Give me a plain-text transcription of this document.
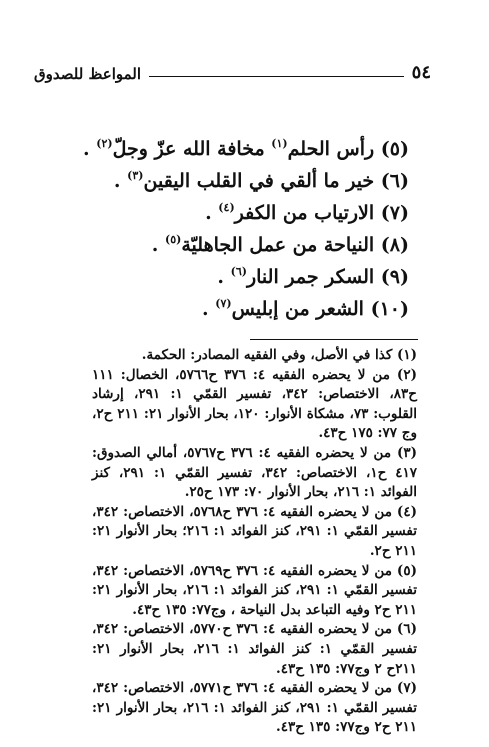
٥٤
المواعظ للصدوق
(٥) رأس الحلم$^{(١)}$ مخافة الله عزّ وجلّ$^{(٢)}$ .
(٦) خير ما ألقي في القلب اليقين$^{(٣)}$ .
(٧) الارتياب من الكفر$^{(٤)}$ .
(٨) النياحة من عمل الجاهليّة$^{(٥)}$ .
(٩) السكر جمر النار$^{(٦)}$ .
(١٠) الشعر من إبليس$^{(٧)}$ .
(١) كذا في الأصل، وفي الفقيه المصادر: الحكمة.
(٢) من لا يحضره الفقيه ٤: ٣٧٦ ح٥٧٦٦، الخصال: ١١١ ح٨٣، الاختصاص: ٣٤٢، تفسير القمّي ١: ٢٩١، إرشاد القلوب: ٧٣، مشكاة الأنوار: ١٢٠، بحار الأنوار ٢١: ٢١١ ح٢، وج ٧٧: ١٧٥ ح٤٣.
(٣) من لا يحضره الفقيه ٤: ٣٧٦ ح٥٧٦٧، أمالي الصدوق: ٤١٧ ح١، الاختصاص: ٣٤٢، تفسير القمّي ١: ٢٩١، كنز الفوائد ١: ٢١٦، بحار الأنوار ٧٠: ١٧٣ ح٢٥.
(٤) من لا يحضره الفقيه ٤: ٣٧٦ ح٥٧٦٨، الاختصاص: ٣٤٢، تفسير القمّي ١: ٢٩١، كنز الفوائد ١: ٢١٦؛ بحار الأنوار ٢١: ٢١١ ح٢.
(٥) من لا يحضره الفقيه ٤: ٣٧٦ ح٥٧٦٩، الاختصاص: ٣٤٢، تفسير القمّي ١: ٢٩١، كنز الفوائد ١: ٢١٦، بحار الأنوار ٢١: ٢١١ ح٢ وفيه التباعد بدل النياحة ، وج٧٧: ١٣٥ ح٤٣.
(٦) من لا يحضره الفقيه ٤: ٣٧٦ ح٥٧٧٠، الاختصاص: ٣٤٢، تفسير القمّي ١: كنز الفوائد ١: ٢١٦، بحار الأنوار ٢١: ٢١١ح ٢ وج٧٧: ١٣٥ ح٤٣.
(٧) من لا يحضره الفقيه ٤: ٣٧٦ ح٥٧٧١، الاختصاص: ٣٤٢، تفسير القمّي ١: ٢٩١، كنز الفوائد ١: ٢١٦، بحار الأنوار ٢١: ٢١١ ح٢ وج٧٧: ١٣٥ ح٤٣.
